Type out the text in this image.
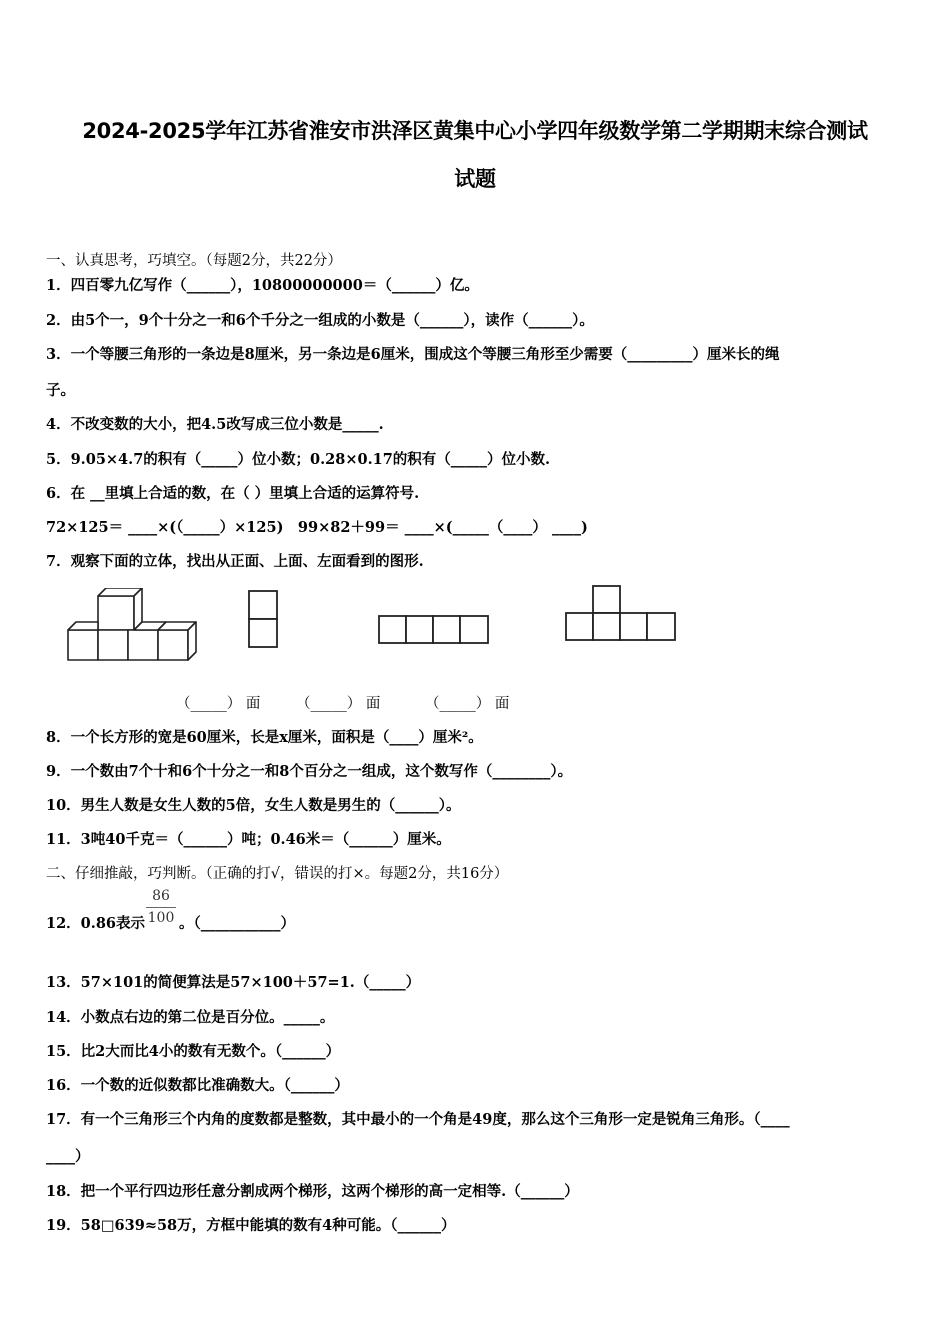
2024-2025学年江苏省淮安市洪泽区黄集中心小学四年级数学第二学期期末综合测试
试题
一、认真思考，巧填空。（每题2分，共22分）
1．四百零九亿写作（______），10800000000＝（______）亿。
2．由5个一，9个十分之一和6个千分之一组成的小数是（______），读作（______）。
3．一个等腰三角形的一条边是8厘米，另一条边是6厘米，围成这个等腰三角形至少需要（_________）厘米长的绳
子。
4．不改变数的大小，把4.5改写成三位小数是_____.
5．9.05×4.7的积有（_____）位小数；0.28×0.17的积有（_____）位小数.
6．在 __里填上合适的数，在（ ）里填上合适的运算符号.
72×125＝ ____×(（_____）×125)　99×82＋99＝ ____×(_____（____） ____)
7．观察下面的立体，找出从正面、上面、左面看到的图形.
（_____） 面 （_____） 面	（_____） 面
8．一个长方形的宽是60厘米，长是x厘米，面积是（____）厘米²。
9．一个数由7个十和6个十分之一和8个百分之一组成，这个数写作（________）。
10．男生人数是女生人数的5倍，女生人数是男生的（______）。
11．3吨40千克＝（______）吨；0.46米＝（______）厘米。
二、仔细推敲，巧判断。（正确的打√，错误的打×。每题2分，共16分）
12．0.86表示 。（___________）
86
100
13．57×101的简便算法是57×100＋57=1.（_____）
14．小数点右边的第二位是百分位。_____。
15．比2大而比4小的数有无数个。（______）
16．一个数的近似数都比准确数大。（______）
17．有一个三角形三个内角的度数都是整数，其中最小的一个角是49度，那么这个三角形一定是锐角三角形。（____
____）
18．把一个平行四边形任意分割成两个梯形，这两个梯形的高一定相等.（______）
19．58□639≈58万，方框中能填的数有4种可能。（______）
